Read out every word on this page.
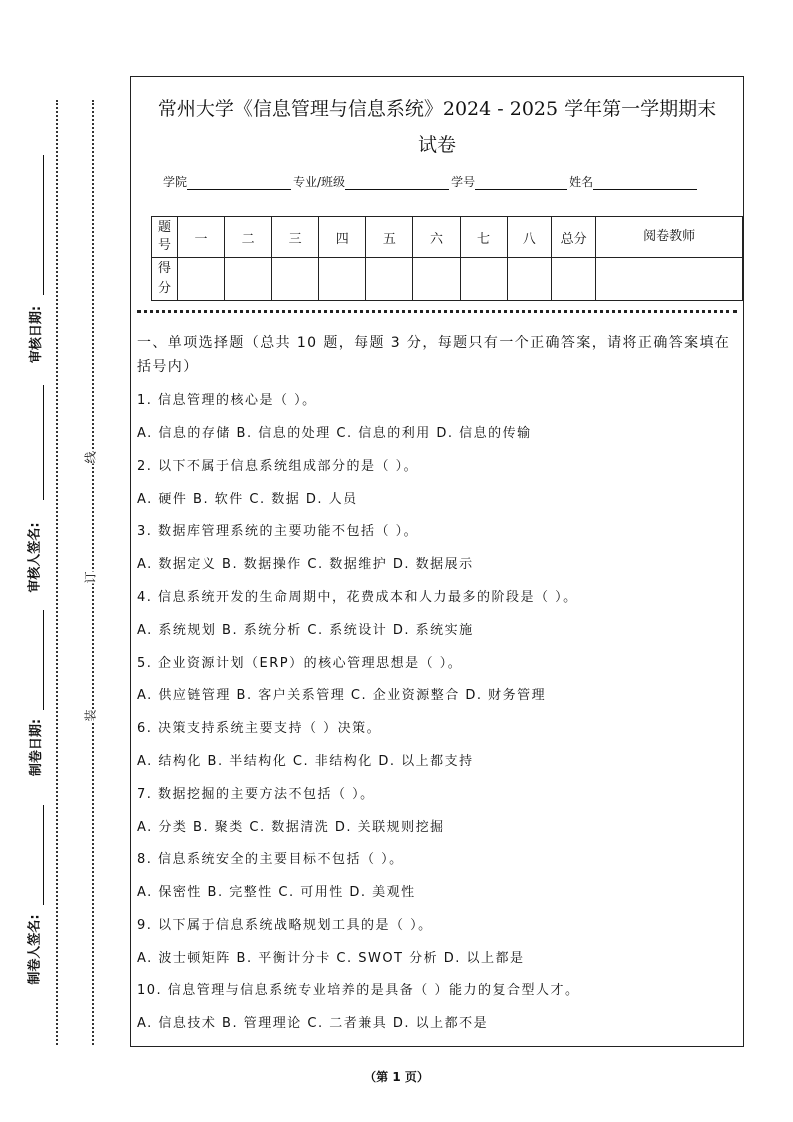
审核日期:
审核人签名:
制卷日期:
制卷人签名:
线
订
装
常州大学《信息管理与信息系统》2024 - 2025 学年第一学期期末
试卷
学院	专业/班级	学号	姓名
题号	一	二	三	四	五	六	七	八	总分	阅卷教师
得分										
一、单项选择题（总共 10 题，每题 3 分，每题只有一个正确答案，请将正确答案填在括号内）
1. 信息管理的核心是（ ）。
A. 信息的存储 B. 信息的处理 C. 信息的利用 D. 信息的传输
2. 以下不属于信息系统组成部分的是（ ）。
A. 硬件 B. 软件 C. 数据 D. 人员
3. 数据库管理系统的主要功能不包括（ ）。
A. 数据定义 B. 数据操作 C. 数据维护 D. 数据展示
4. 信息系统开发的生命周期中，花费成本和人力最多的阶段是（ ）。
A. 系统规划 B. 系统分析 C. 系统设计 D. 系统实施
5. 企业资源计划（ERP）的核心管理思想是（ ）。
A. 供应链管理 B. 客户关系管理 C. 企业资源整合 D. 财务管理
6. 决策支持系统主要支持（ ）决策。
A. 结构化 B. 半结构化 C. 非结构化 D. 以上都支持
7. 数据挖掘的主要方法不包括（ ）。
A. 分类 B. 聚类 C. 数据清洗 D. 关联规则挖掘
8. 信息系统安全的主要目标不包括（ ）。
A. 保密性 B. 完整性 C. 可用性 D. 美观性
9. 以下属于信息系统战略规划工具的是（ ）。
A. 波士顿矩阵 B. 平衡计分卡 C. SWOT 分析 D. 以上都是
10. 信息管理与信息系统专业培养的是具备（ ）能力的复合型人才。
A. 信息技术 B. 管理理论 C. 二者兼具 D. 以上都不是
（第 1 页）
